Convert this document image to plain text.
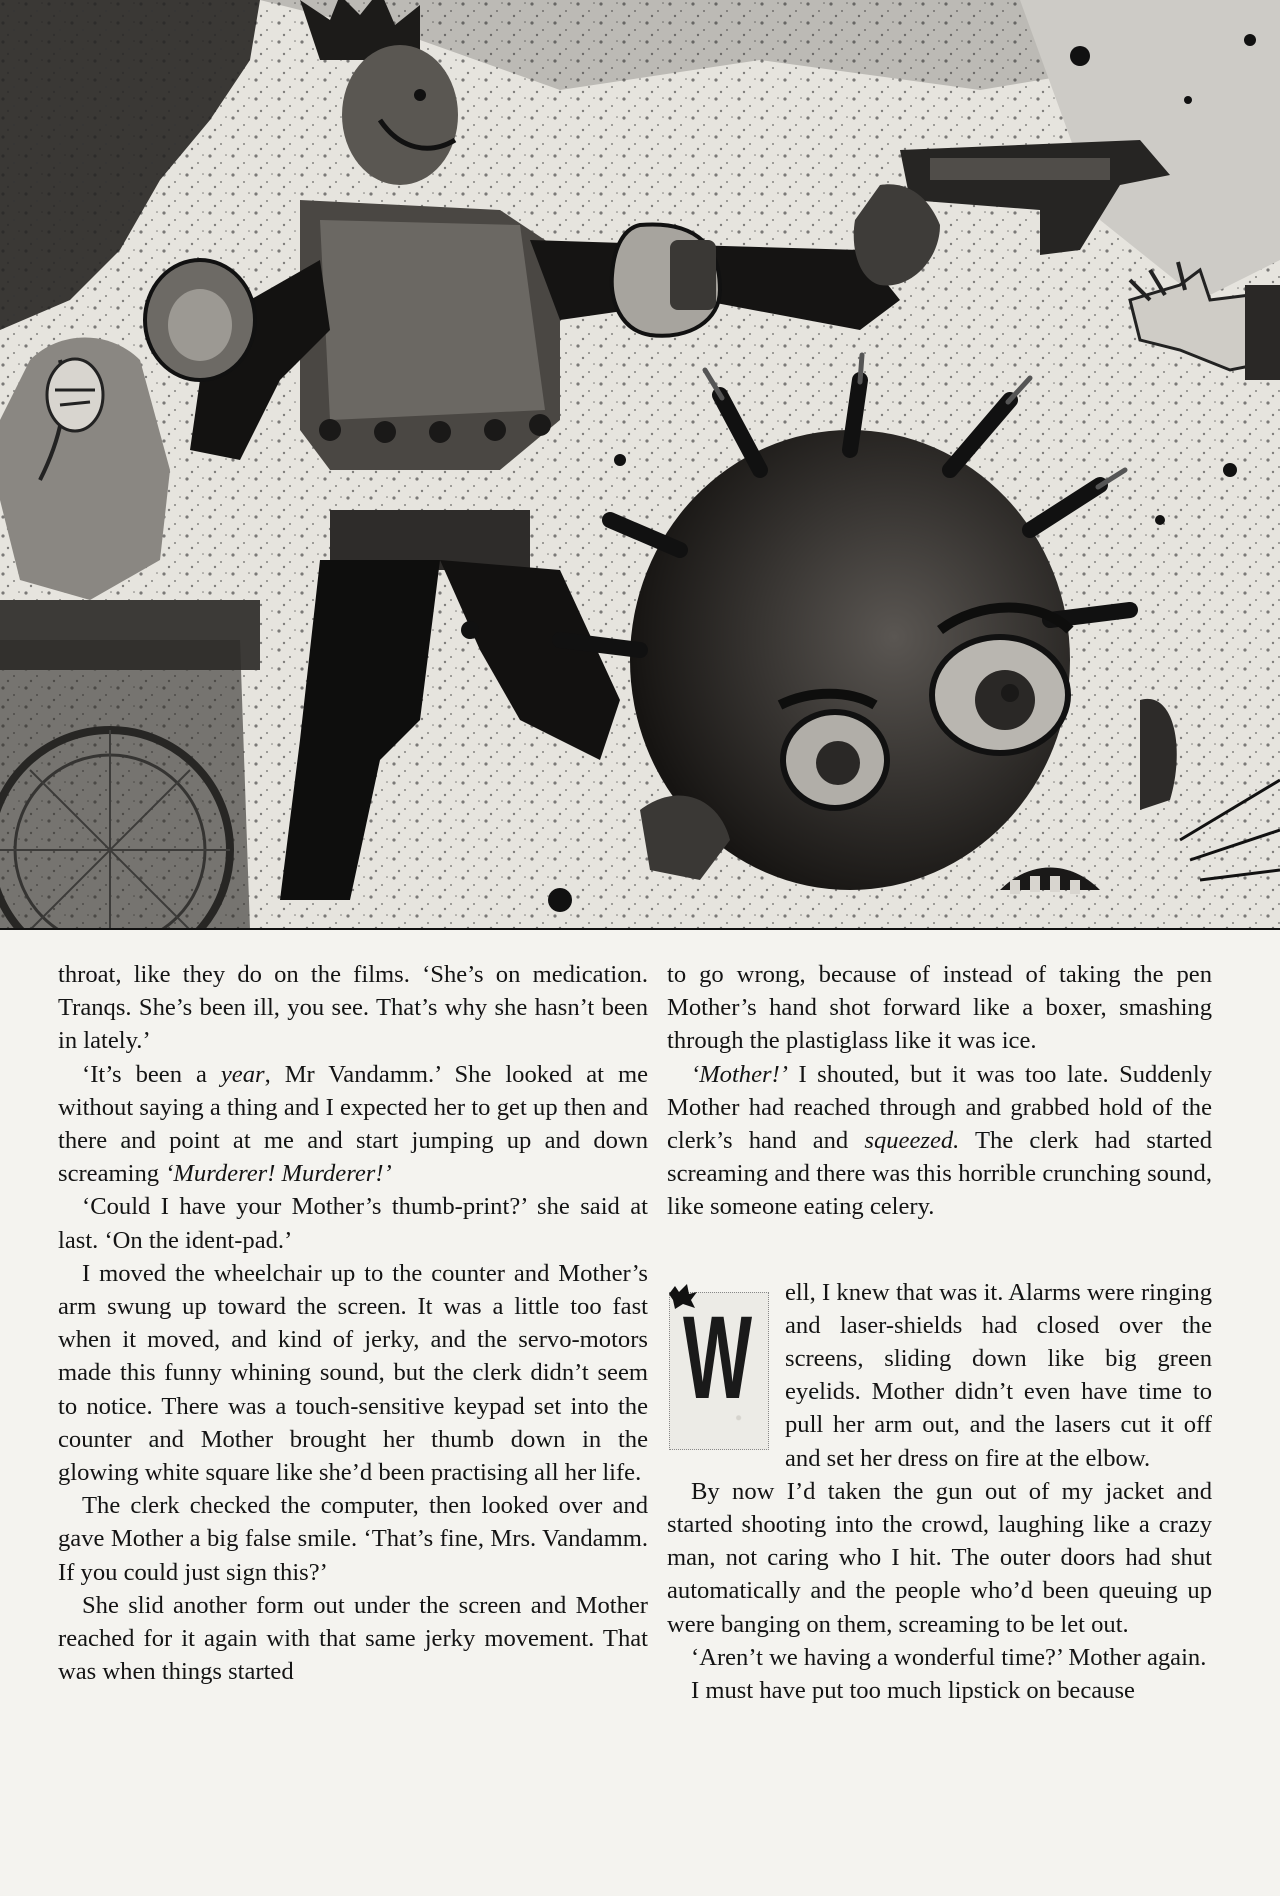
throat, like they do on the films. ‘She’s on medication. Tranqs. She’s been ill, you see. That’s why she hasn’t been in lately.’

‘It’s been a year, Mr Vandamm.’ She looked at me without saying a thing and I expected her to get up then and there and point at me and start jumping up and down screaming ‘Murderer! Murderer!’

‘Could I have your Mother’s thumb-print?’ she said at last. ‘On the ident-pad.’

I moved the wheelchair up to the counter and Mother’s arm swung up toward the screen. It was a little too fast when it moved, and kind of jerky, and the servo-motors made this funny whining sound, but the clerk didn’t seem to notice. There was a touch-sensitive keypad set into the counter and Mother brought her thumb down in the glowing white square like she’d been practising all her life.

The clerk checked the computer, then looked over and gave Mother a big false smile. ‘That’s fine, Mrs. Vandamm. If you could just sign this?’

She slid another form out under the screen and Mother reached for it again with that same jerky movement. That was when things started

to go wrong, because of instead of taking the pen Mother’s hand shot forward like a boxer, smashing through the plastiglass like it was ice.

‘Mother!’ I shouted, but it was too late. Suddenly Mother had reached through and grabbed hold of the clerk’s hand and squeezed. The clerk had started screaming and there was this horrible crunching sound, like someone eating celery.

W ell, I knew that was it. Alarms were ringing and laser-shields had closed over the screens, sliding down like big green eyelids. Mother didn’t even have time to pull her arm out, and the lasers cut it off and set her dress on fire at the elbow.

By now I’d taken the gun out of my jacket and started shooting into the crowd, laughing like a crazy man, not caring who I hit. The outer doors had shut automatically and the people who’d been queuing up were banging on them, screaming to be let out.

‘Aren’t we having a wonderful time?’ Mother again.

I must have put too much lipstick on because
